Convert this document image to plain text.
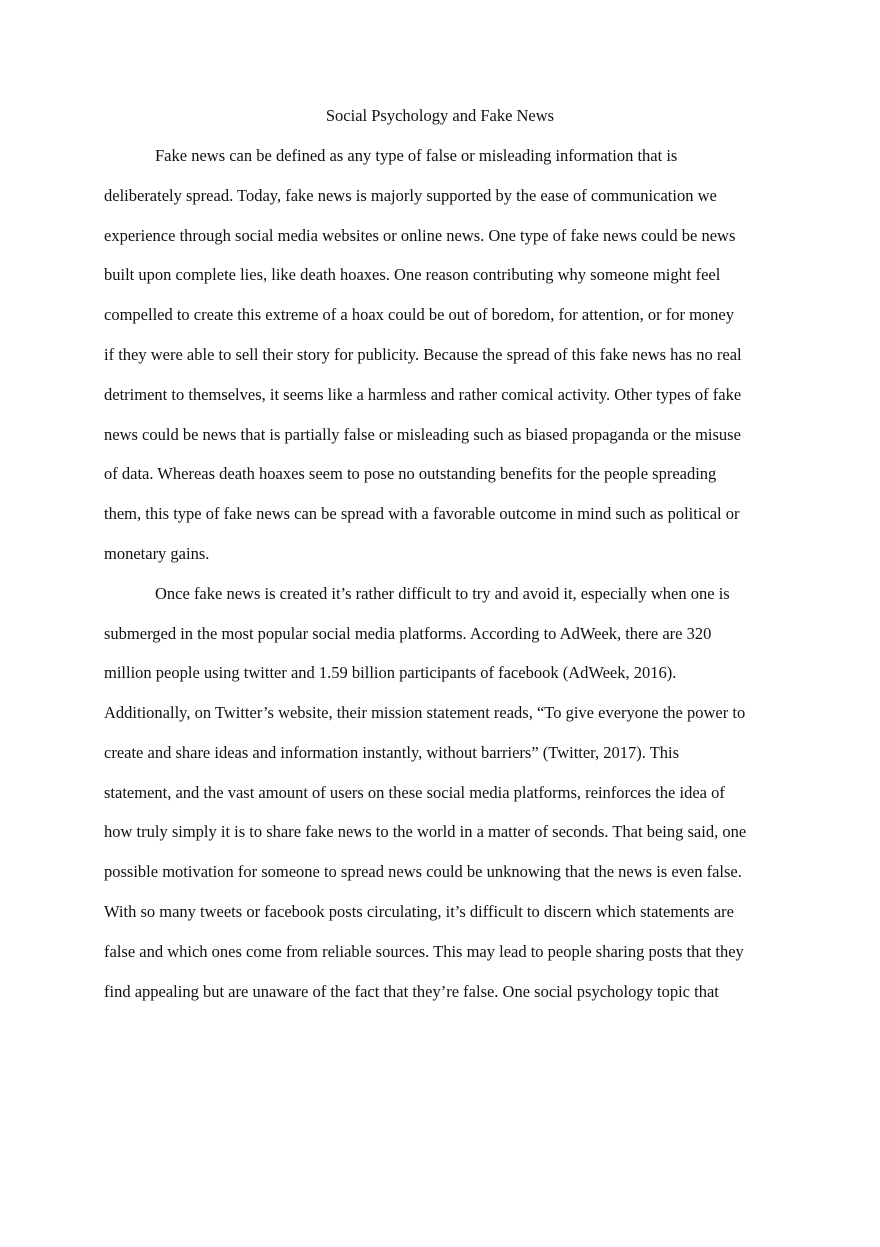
Social Psychology and Fake News
Fake news can be defined as any type of false or misleading information that is
deliberately spread. Today, fake news is majorly supported by the ease of communication we
experience through social media websites or online news. One type of fake news could be news
built upon complete lies, like death hoaxes. One reason contributing why someone might feel
compelled to create this extreme of a hoax could be out of boredom, for attention, or for money
if they were able to sell their story for publicity. Because the spread of this fake news has no real
detriment to themselves, it seems like a harmless and rather comical activity. Other types of fake
news could be news that is partially false or misleading such as biased propaganda or the misuse
of data. Whereas death hoaxes seem to pose no outstanding benefits for the people spreading
them, this type of fake news can be spread with a favorable outcome in mind such as political or
monetary gains.
Once fake news is created it’s rather difficult to try and avoid it, especially when one is
submerged in the most popular social media platforms. According to AdWeek, there are 320
million people using twitter and 1.59 billion participants of facebook (AdWeek, 2016).
Additionally, on Twitter’s website, their mission statement reads, “To give everyone the power to
create and share ideas and information instantly, without barriers” (Twitter, 2017). This
statement, and the vast amount of users on these social media platforms, reinforces the idea of
how truly simply it is to share fake news to the world in a matter of seconds. That being said, one
possible motivation for someone to spread news could be unknowing that the news is even false.
With so many tweets or facebook posts circulating, it’s difficult to discern which statements are
false and which ones come from reliable sources. This may lead to people sharing posts that they
find appealing but are unaware of the fact that they’re false. One social psychology topic that
